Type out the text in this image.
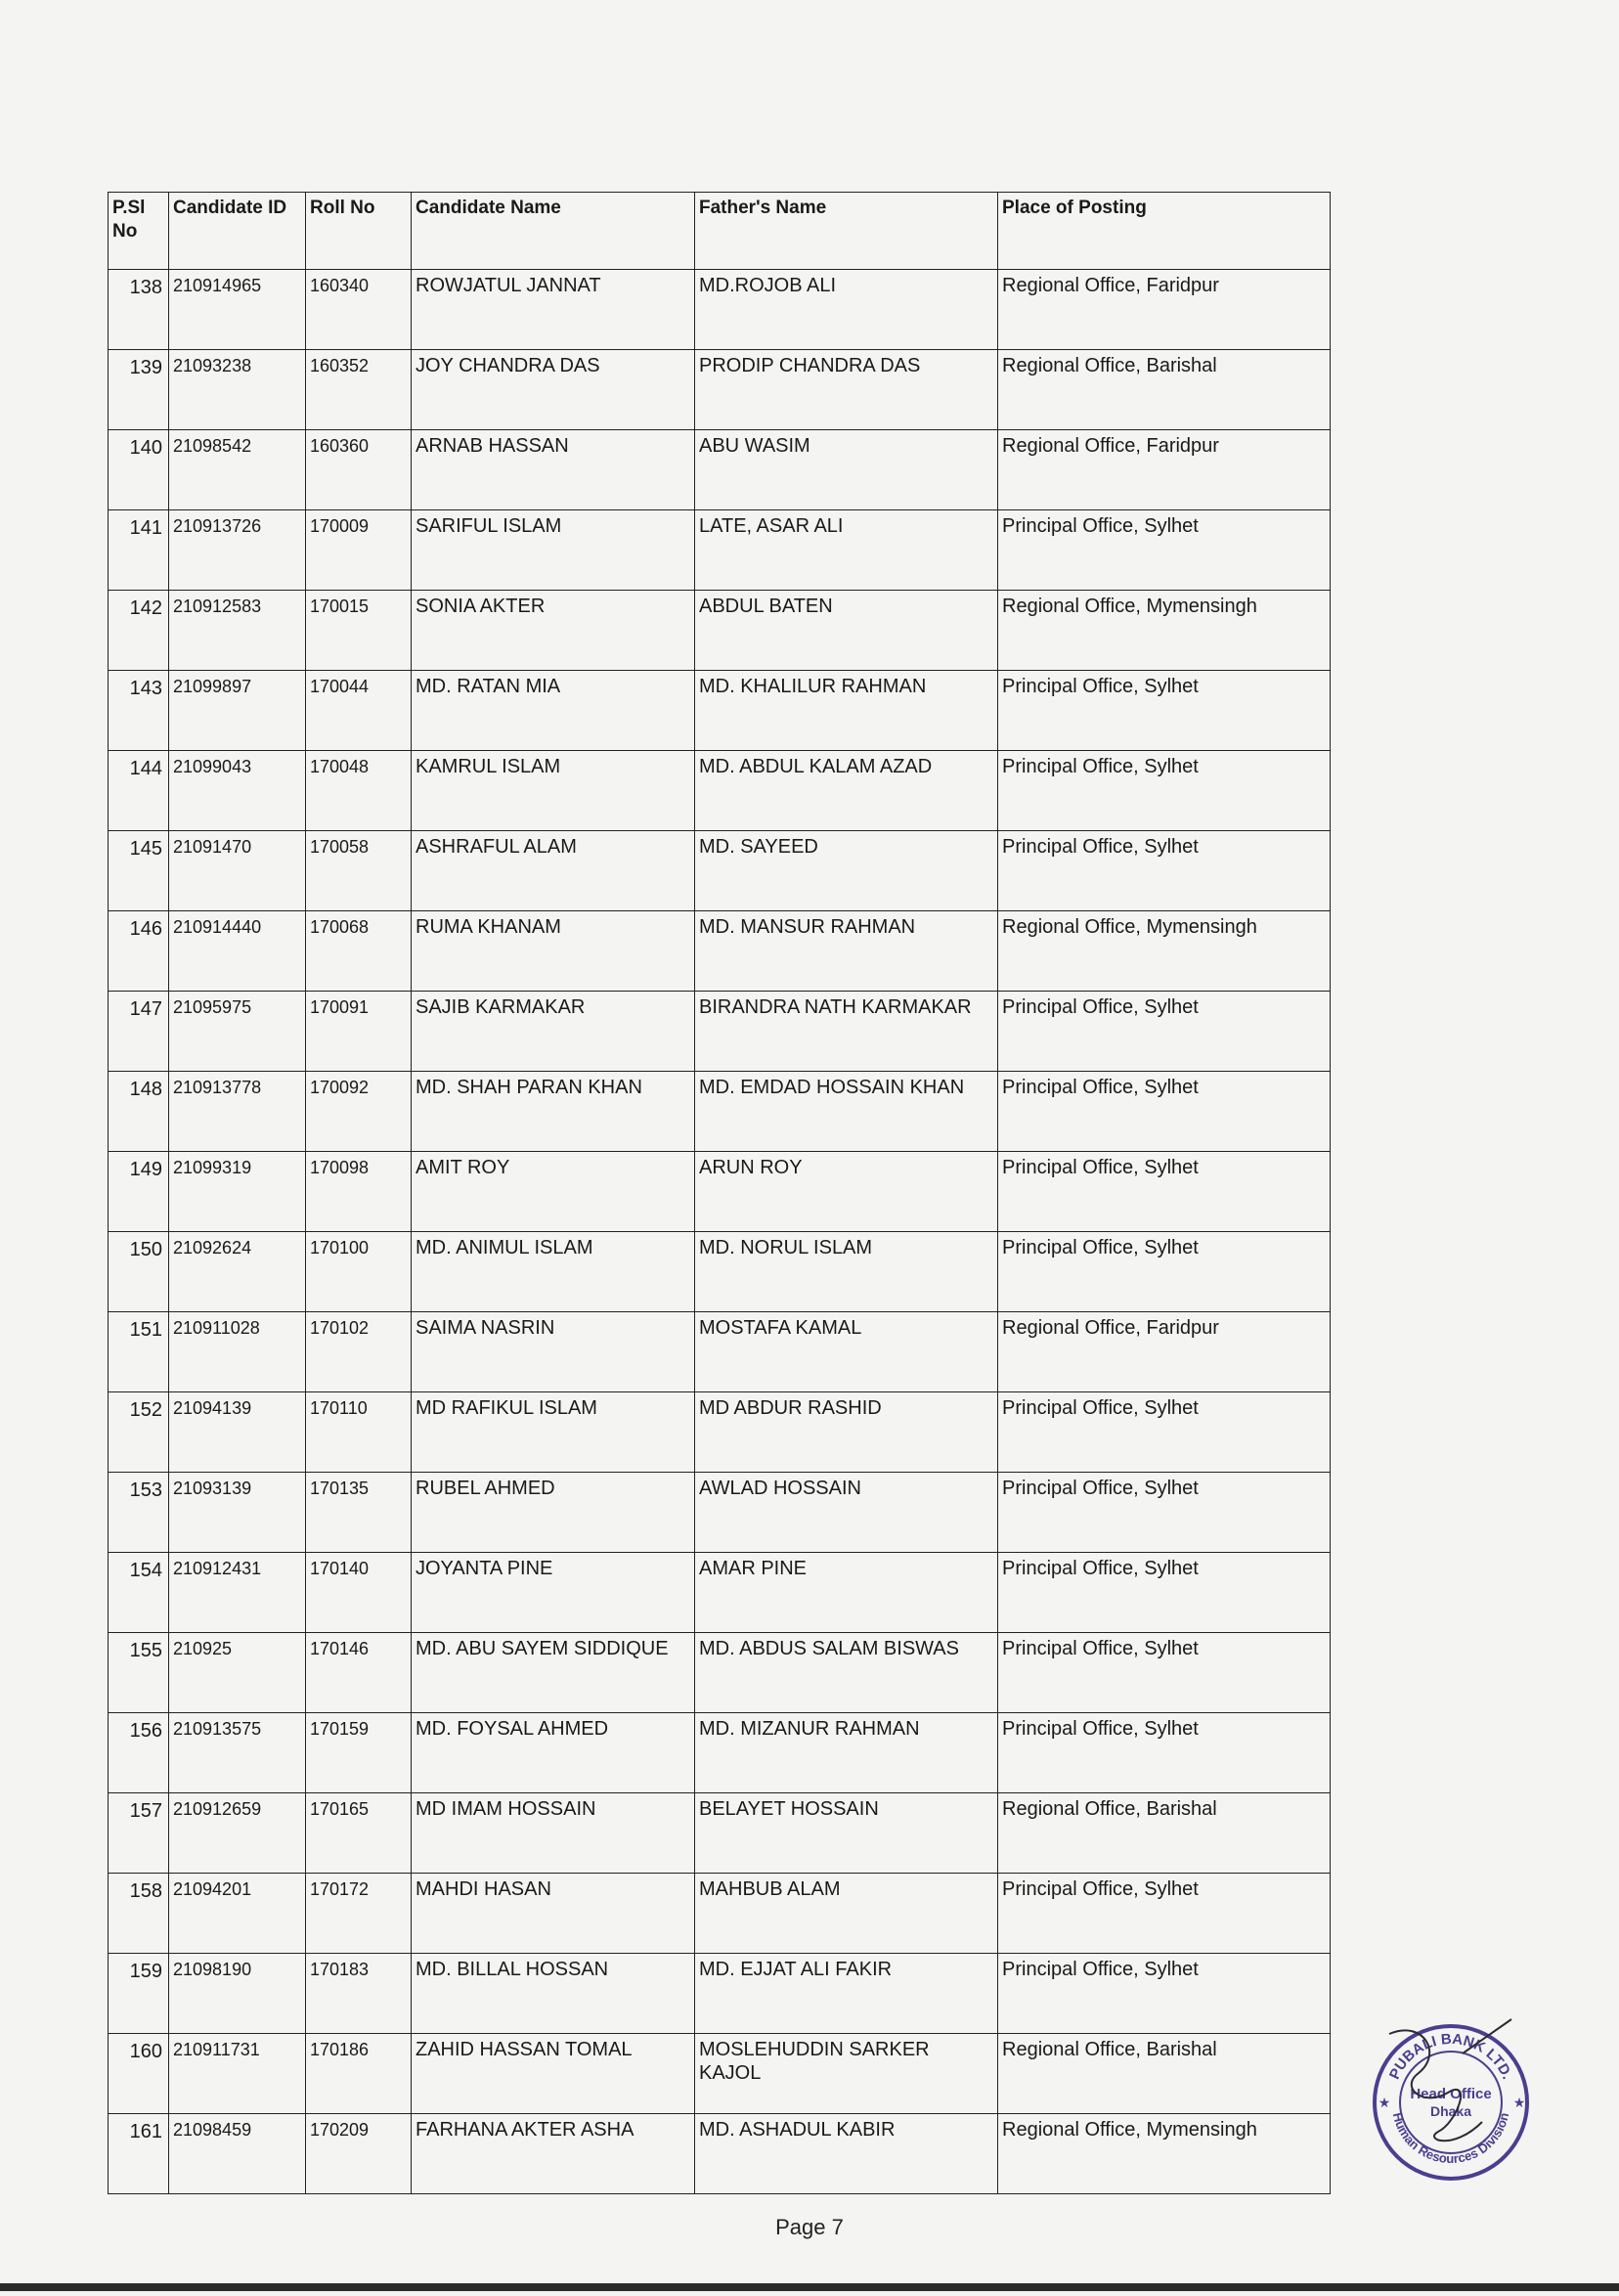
P.Sl No	Candidate ID	Roll No	Candidate Name	Father's Name	Place of Posting
138	210914965	160340	ROWJATUL JANNAT	MD.ROJOB ALI	Regional Office, Faridpur
139	21093238	160352	JOY CHANDRA DAS	PRODIP CHANDRA DAS	Regional Office, Barishal
140	21098542	160360	ARNAB HASSAN	ABU WASIM	Regional Office, Faridpur
141	210913726	170009	SARIFUL ISLAM	LATE, ASAR ALI	Principal Office, Sylhet
142	210912583	170015	SONIA AKTER	ABDUL BATEN	Regional Office, Mymensingh
143	21099897	170044	MD. RATAN MIA	MD. KHALILUR RAHMAN	Principal Office, Sylhet
144	21099043	170048	KAMRUL ISLAM	MD. ABDUL KALAM AZAD	Principal Office, Sylhet
145	21091470	170058	ASHRAFUL ALAM	MD. SAYEED	Principal Office, Sylhet
146	210914440	170068	RUMA KHANAM	MD. MANSUR RAHMAN	Regional Office, Mymensingh
147	21095975	170091	SAJIB KARMAKAR	BIRANDRA NATH KARMAKAR	Principal Office, Sylhet
148	210913778	170092	MD. SHAH PARAN KHAN	MD. EMDAD HOSSAIN KHAN	Principal Office, Sylhet
149	21099319	170098	AMIT ROY	ARUN ROY	Principal Office, Sylhet
150	21092624	170100	MD. ANIMUL ISLAM	MD. NORUL ISLAM	Principal Office, Sylhet
151	210911028	170102	SAIMA NASRIN	MOSTAFA KAMAL	Regional Office, Faridpur
152	21094139	170110	MD RAFIKUL ISLAM	MD ABDUR RASHID	Principal Office, Sylhet
153	21093139	170135	RUBEL AHMED	AWLAD HOSSAIN	Principal Office, Sylhet
154	210912431	170140	JOYANTA PINE	AMAR PINE	Principal Office, Sylhet
155	210925	170146	MD. ABU SAYEM SIDDIQUE	MD. ABDUS SALAM BISWAS	Principal Office, Sylhet
156	210913575	170159	MD. FOYSAL AHMED	MD. MIZANUR RAHMAN	Principal Office, Sylhet
157	210912659	170165	MD IMAM HOSSAIN	BELAYET HOSSAIN	Regional Office, Barishal
158	21094201	170172	MAHDI HASAN	MAHBUB ALAM	Principal Office, Sylhet
159	21098190	170183	MD. BILLAL HOSSAN	MD. EJJAT ALI FAKIR	Principal Office, Sylhet
160	210911731	170186	ZAHID HASSAN TOMAL	MOSLEHUDDIN SARKER KAJOL	Regional Office, Barishal
161	21098459	170209	FARHANA AKTER ASHA	MD. ASHADUL KABIR	Regional Office, Mymensingh
Page 7
PUBALI BANK LTD.
Human Resources Division
Head Office
Dhaka
★	★
